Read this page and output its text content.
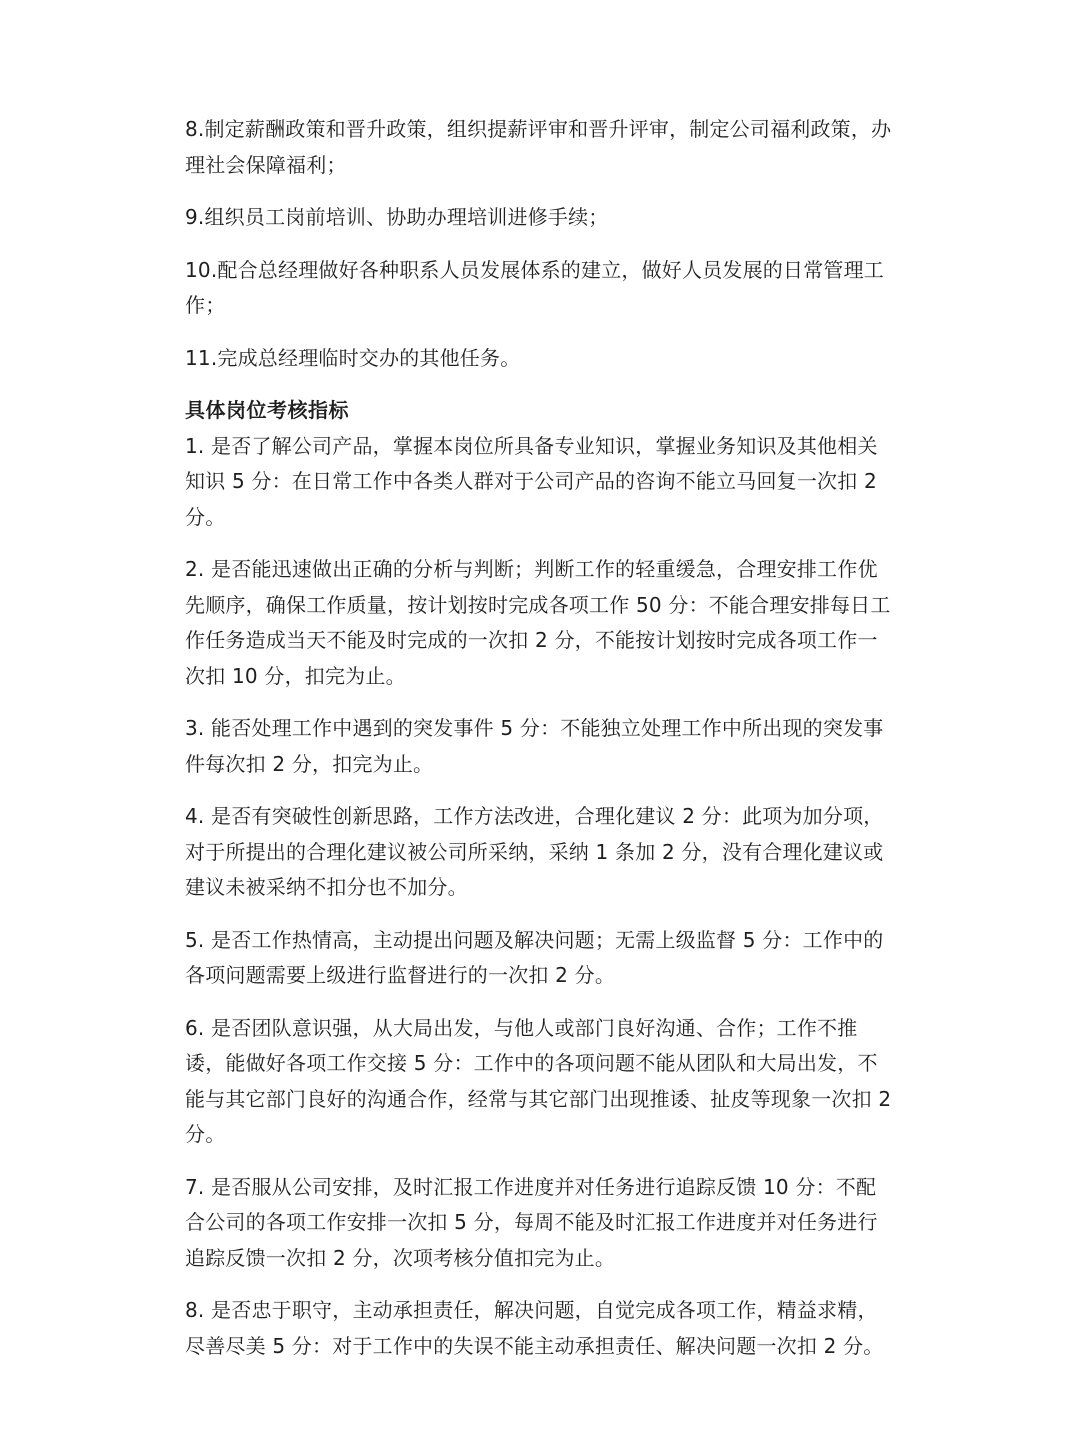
8.制定薪酬政策和晋升政策，组织提薪评审和晋升评审，制定公司福利政策，办理社会保障福利；

9.组织员工岗前培训、协助办理培训进修手续；

10.配合总经理做好各种职系人员发展体系的建立，做好人员发展的日常管理工作；

11.完成总经理临时交办的其他任务。

具体岗位考核指标

1. 是否了解公司产品，掌握本岗位所具备专业知识，掌握业务知识及其他相关知识 5 分：在日常工作中各类人群对于公司产品的咨询不能立马回复一次扣 2 分。

2. 是否能迅速做出正确的分析与判断；判断工作的轻重缓急，合理安排工作优先顺序，确保工作质量，按计划按时完成各项工作 50 分：不能合理安排每日工作任务造成当天不能及时完成的一次扣 2 分，不能按计划按时完成各项工作一次扣 10 分，扣完为止。

3. 能否处理工作中遇到的突发事件 5 分：不能独立处理工作中所出现的突发事件每次扣 2 分，扣完为止。

4. 是否有突破性创新思路，工作方法改进，合理化建议 2 分：此项为加分项，对于所提出的合理化建议被公司所采纳，采纳 1 条加 2 分，没有合理化建议或建议未被采纳不扣分也不加分。

5. 是否工作热情高，主动提出问题及解决问题；无需上级监督 5 分：工作中的各项问题需要上级进行监督进行的一次扣 2 分。

6. 是否团队意识强，从大局出发，与他人或部门良好沟通、合作；工作不推诿，能做好各项工作交接 5 分：工作中的各项问题不能从团队和大局出发，不能与其它部门良好的沟通合作，经常与其它部门出现推诿、扯皮等现象一次扣 2 分。

7. 是否服从公司安排，及时汇报工作进度并对任务进行追踪反馈 10 分：不配合公司的各项工作安排一次扣 5 分，每周不能及时汇报工作进度并对任务进行追踪反馈一次扣 2 分，次项考核分值扣完为止。

8. 是否忠于职守，主动承担责任，解决问题，自觉完成各项工作，精益求精，尽善尽美 5 分：对于工作中的失误不能主动承担责任、解决问题一次扣 2 分。
